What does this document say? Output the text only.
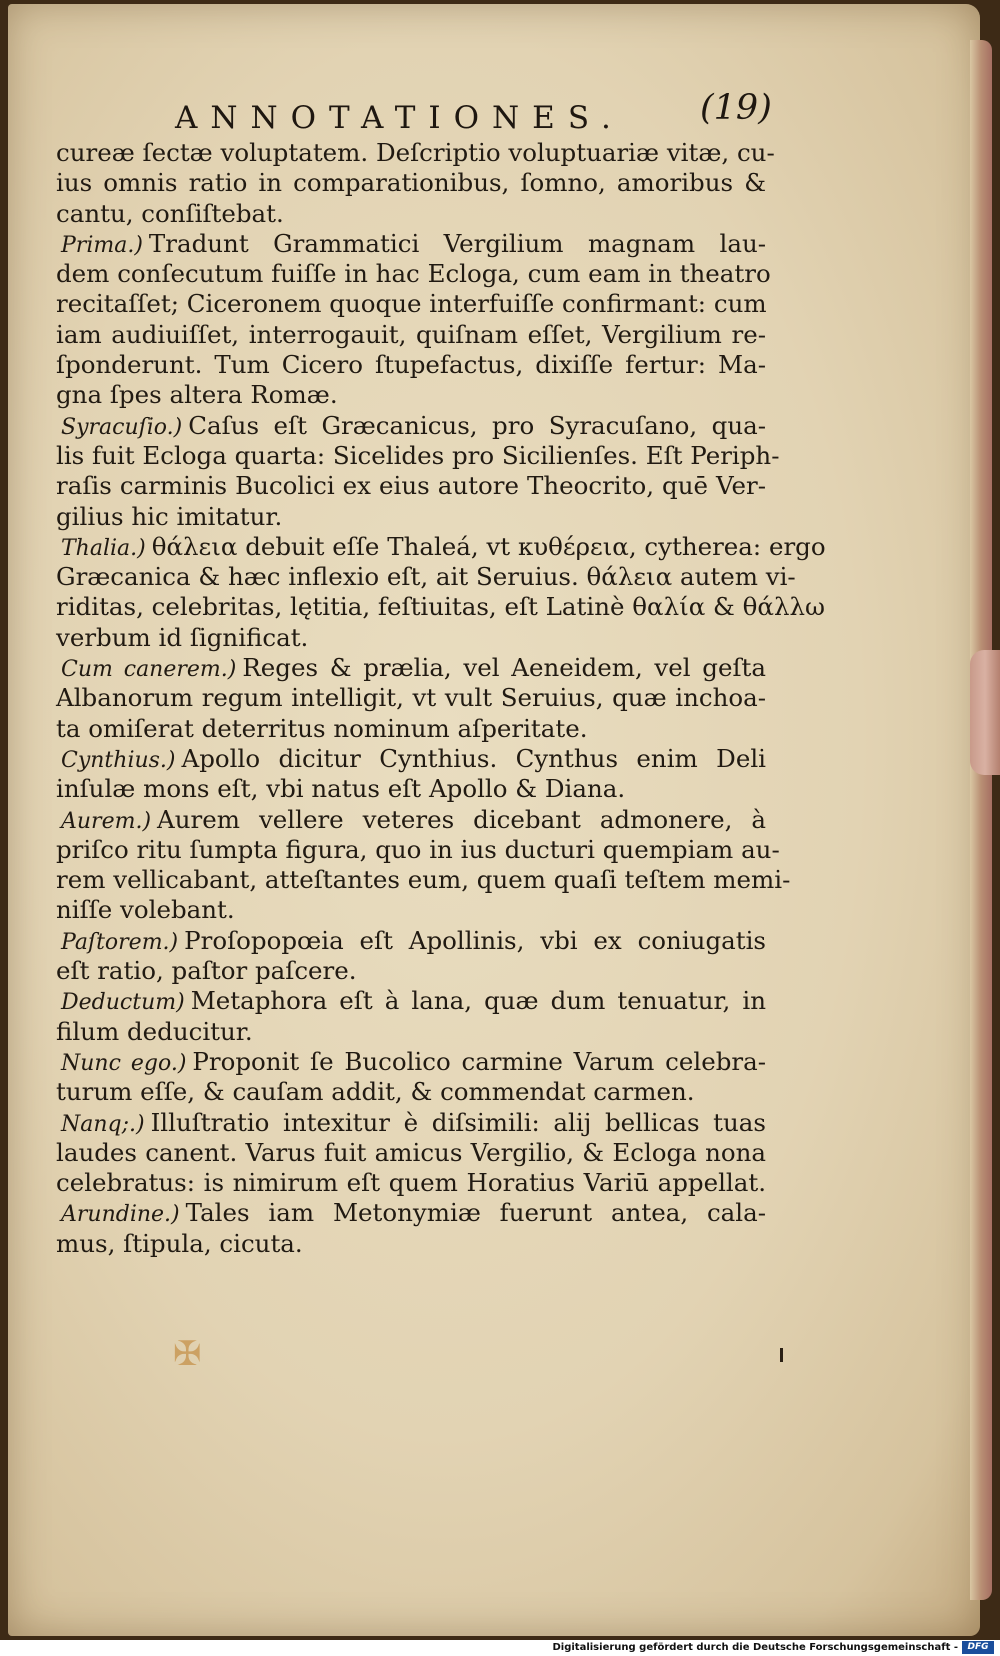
ANNOTATIONES. (19)
cureæ ſectæ voluptatem. Deſcriptio voluptuariæ vitæ, cu-
ius omnis ratio in comparationibus, ſomno, amoribus &
cantu, conſiſtebat.
Prima.) Tradunt Grammatici Vergilium magnam lau-
dem conſecutum fuiſſe in hac Ecloga, cum eam in theatro
recitaſſet; Ciceronem quoque interfuiſſe confirmant: cum
iam audiuiſſet, interrogauit, quiſnam eſſet, Vergilium re-
ſponderunt. Tum Cicero ſtupefactus, dixiſſe fertur: Ma-
gna ſpes altera Romæ.
Syracuſio.) Caſus eſt Græcanicus, pro Syracuſano, qua-
lis fuit Ecloga quarta: Sicelides pro Sicilienſes. Eſt Periph-
raſis carminis Bucolici ex eius autore Theocrito, quē Ver-
gilius hic imitatur.
Thalia.) θάλεια debuit eſſe Thaleá, vt κυθέρεια, cytherea: ergo
Græcanica & hæc inflexio eſt, ait Seruius. θάλεια autem vi-
riditas, celebritas, lętitia, feſtiuitas, eſt Latinè θαλία & θάλλω
verbum id ſignificat.
Cum canerem.) Reges & prælia, vel Aeneidem, vel geſta
Albanorum regum intelligit, vt vult Seruius, quæ inchoa-
ta omiſerat deterritus nominum aſperitate.
Cynthius.) Apollo dicitur Cynthius. Cynthus enim Deli
inſulæ mons eſt, vbi natus eſt Apollo & Diana.
Aurem.) Aurem vellere veteres dicebant admonere, à
priſco ritu ſumpta figura, quo in ius ducturi quempiam au-
rem vellicabant, atteſtantes eum, quem quaſi teſtem memi-
niſſe volebant.
Paſtorem.) Proſopopœia eſt Apollinis, vbi ex coniugatis
eſt ratio, paſtor paſcere.
Deductum) Metaphora eſt à lana, quæ dum tenuatur, in
filum deducitur.
Nunc ego.) Proponit ſe Bucolico carmine Varum celebra-
turum eſſe, & cauſam addit, & commendat carmen.
Nanq;.) Illuſtratio intexitur è diſsimili: alij bellicas tuas
laudes canent. Varus fuit amicus Vergilio, & Ecloga nona
celebratus: is nimirum eſt quem Horatius Variū appellat.
Arundine.) Tales iam Metonymiæ fuerunt antea, cala-
mus, ſtipula, cicuta.
✠
Digitalisierung gefördert durch die Deutsche Forschungsgemeinschaft -	DFG
